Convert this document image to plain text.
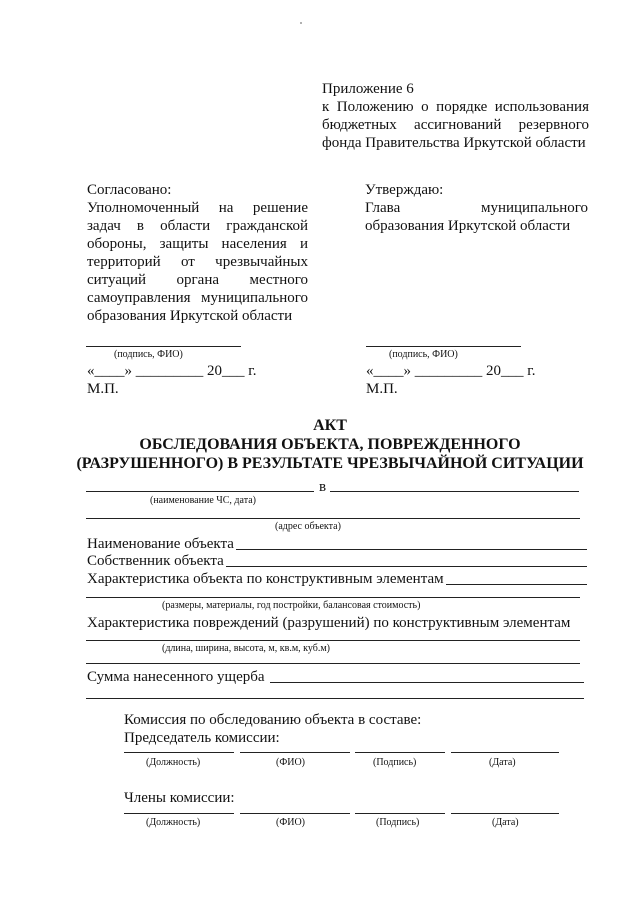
Приложение 6
к Положению о порядке использования
бюджетных ассигнований резервного
фонда Правительства Иркутской области
Согласовано:
Уполномоченный на решение
задач в области гражданской
обороны, защиты населения и
территорий от чрезвычайных
ситуаций органа местного
самоуправления муниципального
образования Иркутской области
Утверждаю:
Глава муниципального
образования Иркутской области
(подпись, ФИО)
«____» _________ 20___ г.
М.П.
(подпись, ФИО)
«____» _________ 20___ г.
М.П.
АКТ
ОБСЛЕДОВАНИЯ ОБЪЕКТА, ПОВРЕЖДЕННОГО
(РАЗРУШЕННОГО) В РЕЗУЛЬТАТЕ ЧРЕЗВЫЧАЙНОЙ СИТУАЦИИ
в
(наименование ЧС, дата)
(адрес объекта)
Наименование объекта
Собственник объекта
Характеристика объекта по конструктивным элементам
(размеры, материалы, год постройки, балансовая стоимость)
Характеристика повреждений (разрушений) по конструктивным элементам
(длина, ширина, высота, м, кв.м, куб.м)
Сумма нанесенного ущерба
Комиссия по обследованию объекта в составе:
Председатель комиссии:
(Должность)	(ФИО)	(Подпись)	(Дата)
Члены комиссии:
(Должность)	(ФИО)	(Подпись)	(Дата)
